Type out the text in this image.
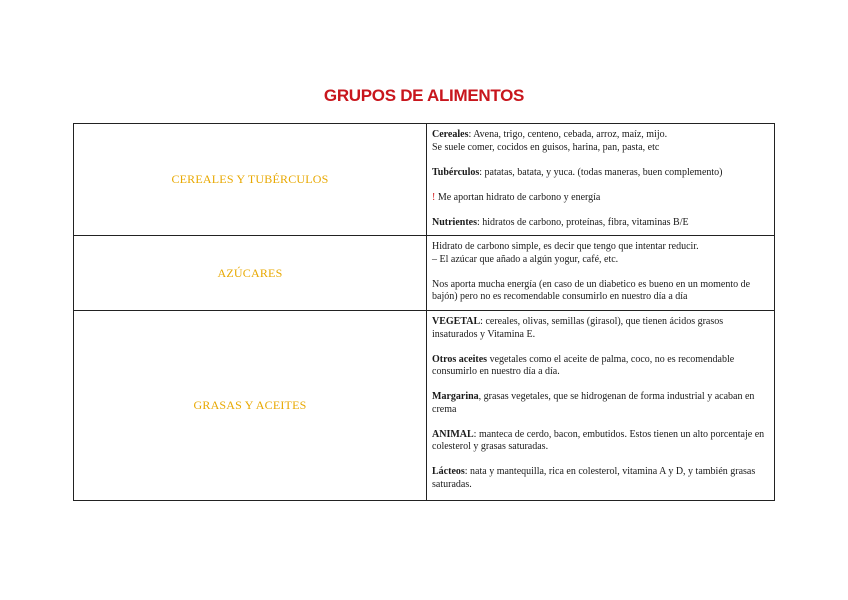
GRUPOS DE ALIMENTOS
CEREALES Y TUBÉRCULOS	Cereales: Avena, trigo, centeno, cebada, arroz, maíz, mijo.
Se suele comer, cocidos en guisos, harina, pan, pasta, etc

Tubérculos: patatas, batata, y yuca. (todas maneras, buen complemento)

! Me aportan hidrato de carbono y energía

Nutrientes: hidratos de carbono, proteínas, fibra, vitaminas B/E

AZÚCARES	Hidrato de carbono simple, es decir que tengo que intentar reducir.
– El azúcar que añado a algún yogur, café, etc.

Nos aporta mucha energía (en caso de un diabetico es bueno en un momento de bajón) pero no es recomendable consumirlo en nuestro día a día

GRASAS Y ACEITES	VEGETAL: cereales, olivas, semillas (girasol), que tienen ácidos grasos insaturados y Vitamina E.

Otros aceites vegetales como el aceite de palma, coco, no es recomendable consumirlo en nuestro día a día.

Margarina, grasas vegetales, que se hidrogenan de forma industrial y acaban en crema

ANIMAL: manteca de cerdo, bacon, embutidos. Estos tienen un alto porcentaje en colesterol y grasas saturadas.

Lácteos: nata y mantequilla, rica en colesterol, vitamina A y D, y también grasas saturadas.
